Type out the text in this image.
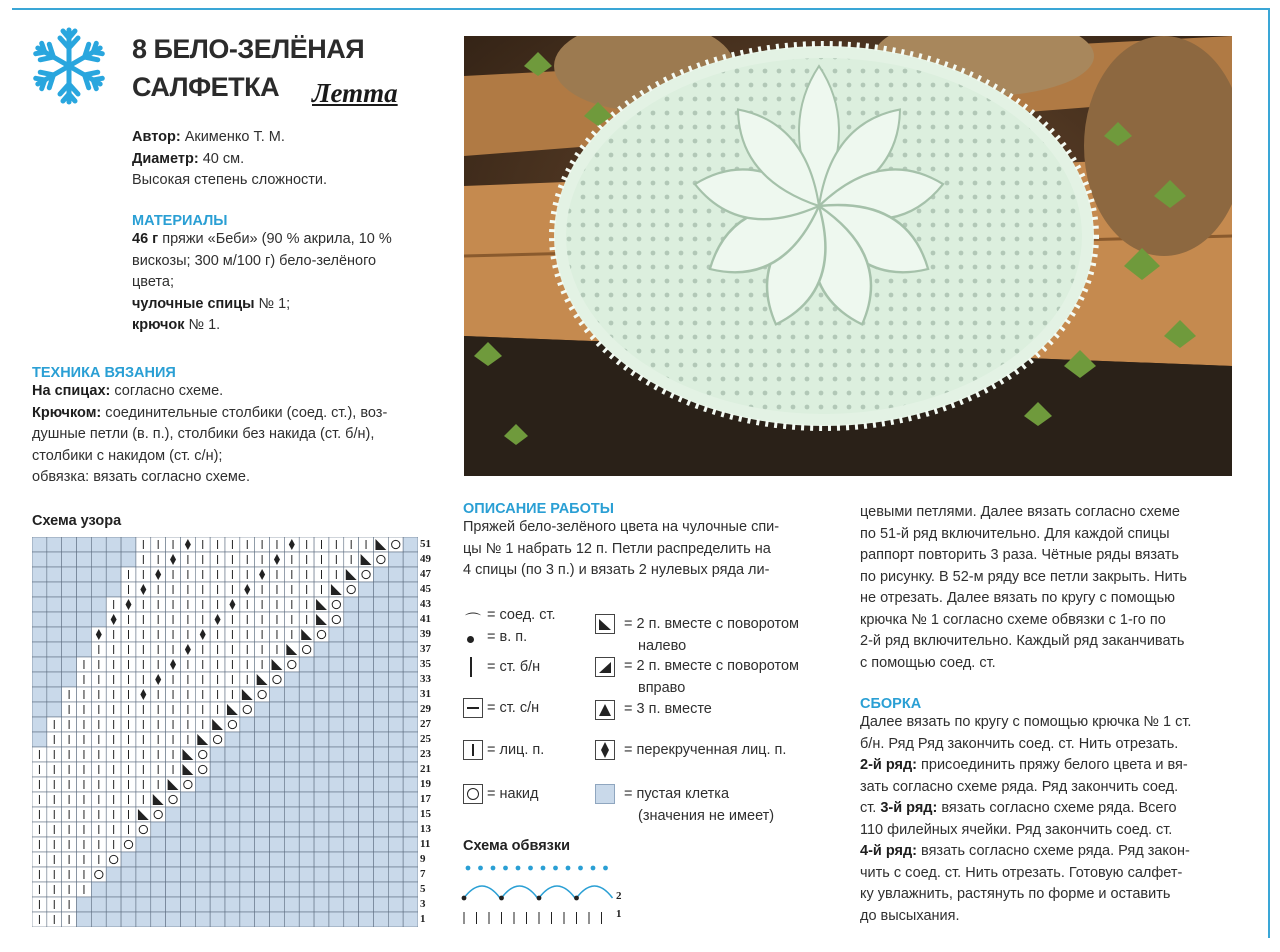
8 БЕЛО-ЗЕЛЁНАЯ
САЛФЕТКА	Летта
Автор: Акименко Т. М.
Диаметр: 40 см.
Высокая степень сложности.
МАТЕРИАЛЫ
46 г пряжи «Беби» (90 % акрила, 10 %
вискозы; 300 м/100 г) бело-зелёного
цвета;
чулочные спицы № 1;
крючок № 1.
ТЕХНИКА ВЯЗАНИЯ
На спицах: согласно схеме.
Крючком: соединительные столбики (соед. ст.), воз-
душные петли (в. п.), столбики без накида (ст. б/н),
столбики с накидом (ст. с/н);
обвязка: вязать согласно схеме.
Схема узора
51
49
47
45
43
41
39
37
35
33
31
29
27
25
23
21
19
17
15
13
11
9
7
5
3
1
ОПИСАНИЕ РАБОТЫ
Пряжей бело-зелёного цвета на чулочные спи-
цы № 1 набрать 12 п. Петли распределить на
4 спицы (по 3 п.) и вязать 2 нулевых ряда ли-
⌒ = соед. ст.
= в. п.
= ст. б/н
= ст. с/н
= лиц. п.
= накид
= 2 п. вместе с поворотом
налево
= 2 п. вместе с поворотом
вправо
= 3 п. вместе
= перекрученная лиц. п.
= пустая клетка
(значения не имеет)
Схема обвязки
2
1
цевыми петлями. Далее вязать согласно схеме
по 51-й ряд включительно. Для каждой спицы
раппорт повторить 3 раза. Чётные ряды вязать
по рисунку. В 52-м ряду все петли закрыть. Нить
не отрезать. Далее вязать по кругу с помощью
крючка № 1 согласно схеме обвязки с 1-го по
2-й ряд включительно. Каждый ряд заканчивать
с помощью соед. ст.
СБОРКА
Далее вязать по кругу с помощью крючка № 1 ст.
б/н. Ряд Ряд закончить соед. ст. Нить отрезать.
2-й ряд: присоединить пряжу белого цвета и вя-
зать согласно схеме ряда. Ряд закончить соед.
ст. 3-й ряд: вязать согласно схеме ряда. Всего
110 филейных ячейки. Ряд закончить соед. ст.
4-й ряд: вязать согласно схеме ряда. Ряд закон-
чить с соед. ст. Нить отрезать. Готовую салфет-
ку увлажнить, растянуть по форме и оставить
до высыхания.
